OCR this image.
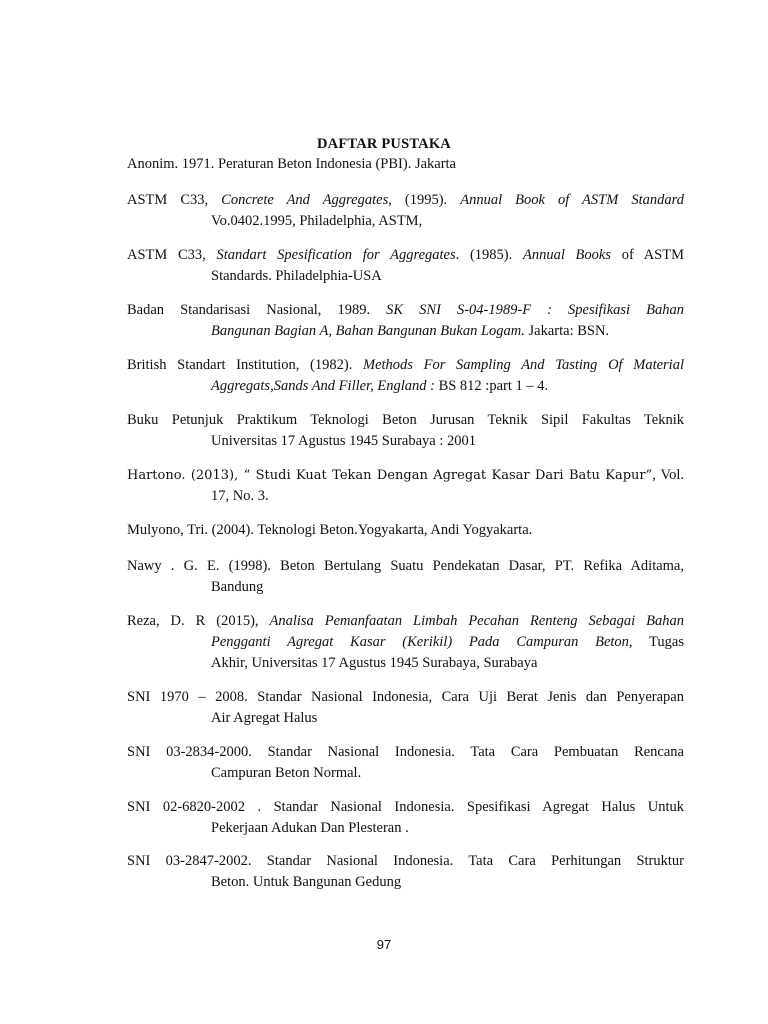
DAFTAR PUSTAKA
Anonim. 1971. Peraturan Beton Indonesia (PBI). Jakarta
ASTM C33, Concrete And Aggregates, (1995). Annual Book of ASTM Standard
Vo.0402.1995, Philadelphia, ASTM,
ASTM C33, Standart Spesification for Aggregates. (1985). Annual Books of ASTM
Standards. Philadelphia-USA
Badan Standarisasi Nasional, 1989. SK SNI S-04-1989-F : Spesifikasi Bahan
Bangunan Bagian A, Bahan Bangunan Bukan Logam. Jakarta: BSN.
British Standart Institution, (1982). Methods For Sampling And Tasting Of Material
Aggregats,Sands And Filler, England : BS 812 :part 1 – 4.
Buku Petunjuk Praktikum Teknologi Beton Jurusan Teknik Sipil Fakultas Teknik
Universitas 17 Agustus 1945 Surabaya : 2001
Hartono. (2013), “ Studi Kuat Tekan Dengan Agregat Kasar Dari Batu Kapur”, Vol.
17, No. 3.
Mulyono, Tri. (2004). Teknologi Beton.Yogyakarta, Andi Yogyakarta.
Nawy . G. E. (1998). Beton Bertulang Suatu Pendekatan Dasar, PT. Refika Aditama,
Bandung
Reza, D. R (2015), Analisa Pemanfaatan Limbah Pecahan Renteng Sebagai Bahan
Pengganti Agregat Kasar (Kerikil) Pada Campuran Beton, Tugas
Akhir, Universitas 17 Agustus 1945 Surabaya, Surabaya
SNI 1970 – 2008. Standar Nasional Indonesia, Cara Uji Berat Jenis dan Penyerapan
Air Agregat Halus
SNI 03-2834-2000. Standar Nasional Indonesia. Tata Cara Pembuatan Rencana
Campuran Beton Normal.
SNI 02-6820-2002 . Standar Nasional Indonesia. Spesifikasi Agregat Halus Untuk
Pekerjaan Adukan Dan Plesteran .
SNI 03-2847-2002. Standar Nasional Indonesia. Tata Cara Perhitungan Struktur
Beton. Untuk Bangunan Gedung
97
